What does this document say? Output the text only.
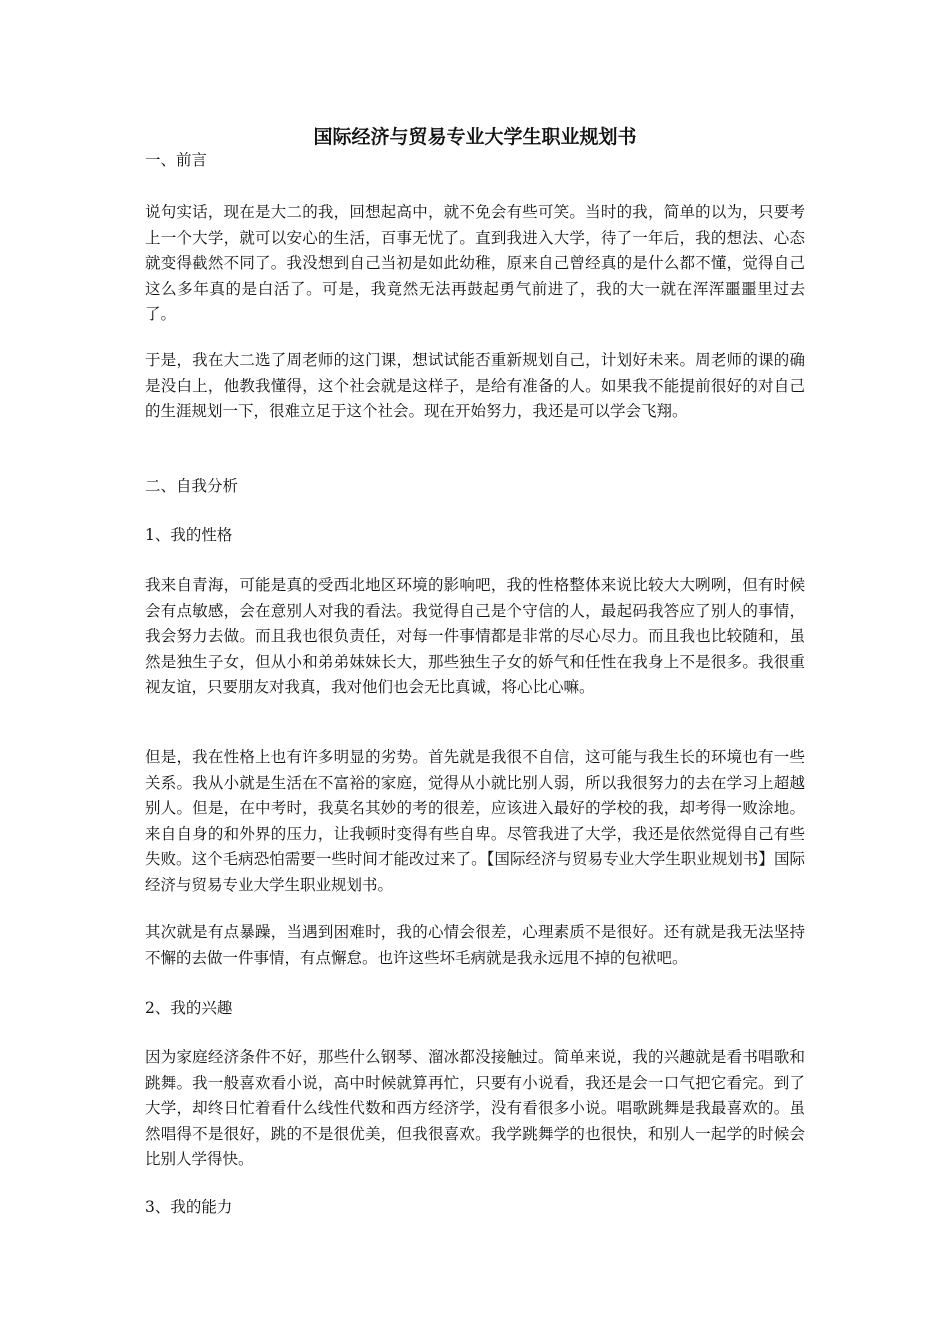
国际经济与贸易专业大学生职业规划书

一、前言

说句实话，现在是大二的我，回想起高中，就不免会有些可笑。当时的我，简单的以为，只要考上一个大学，就可以安心的生活，百事无忧了。直到我进入大学，待了一年后，我的想法、心态就变得截然不同了。我没想到自己当初是如此幼稚，原来自己曾经真的是什么都不懂，觉得自己这么多年真的是白活了。可是，我竟然无法再鼓起勇气前进了，我的大一就在浑浑噩噩里过去了。

于是，我在大二选了周老师的这门课，想试试能否重新规划自己，计划好未来。周老师的课的确是没白上，他教我懂得，这个社会就是这样子，是给有准备的人。如果我不能提前很好的对自己的生涯规划一下，很难立足于这个社会。现在开始努力，我还是可以学会飞翔。

二、自我分析

1、我的性格

我来自青海，可能是真的受西北地区环境的影响吧，我的性格整体来说比较大大咧咧，但有时候会有点敏感，会在意别人对我的看法。我觉得自己是个守信的人，最起码我答应了别人的事情，我会努力去做。而且我也很负责任，对每一件事情都是非常的尽心尽力。而且我也比较随和，虽然是独生子女，但从小和弟弟妹妹长大，那些独生子女的娇气和任性在我身上不是很多。我很重视友谊，只要朋友对我真，我对他们也会无比真诚，将心比心嘛。

但是，我在性格上也有许多明显的劣势。首先就是我很不自信，这可能与我生长的环境也有一些关系。我从小就是生活在不富裕的家庭，觉得从小就比别人弱，所以我很努力的去在学习上超越别人。但是，在中考时，我莫名其妙的考的很差，应该进入最好的学校的我，却考得一败涂地。来自自身的和外界的压力，让我顿时变得有些自卑。尽管我进了大学，我还是依然觉得自己有些失败。这个毛病恐怕需要一些时间才能改过来了。【国际经济与贸易专业大学生职业规划书】国际经济与贸易专业大学生职业规划书。

其次就是有点暴躁，当遇到困难时，我的心情会很差，心理素质不是很好。还有就是我无法坚持不懈的去做一件事情，有点懈怠。也许这些坏毛病就是我永远甩不掉的包袱吧。

2、我的兴趣

因为家庭经济条件不好，那些什么钢琴、溜冰都没接触过。简单来说，我的兴趣就是看书唱歌和跳舞。我一般喜欢看小说，高中时候就算再忙，只要有小说看，我还是会一口气把它看完。到了大学，却终日忙着看什么线性代数和西方经济学，没有看很多小说。唱歌跳舞是我最喜欢的。虽然唱得不是很好，跳的不是很优美，但我很喜欢。我学跳舞学的也很快，和别人一起学的时候会比别人学得快。

3、我的能力
